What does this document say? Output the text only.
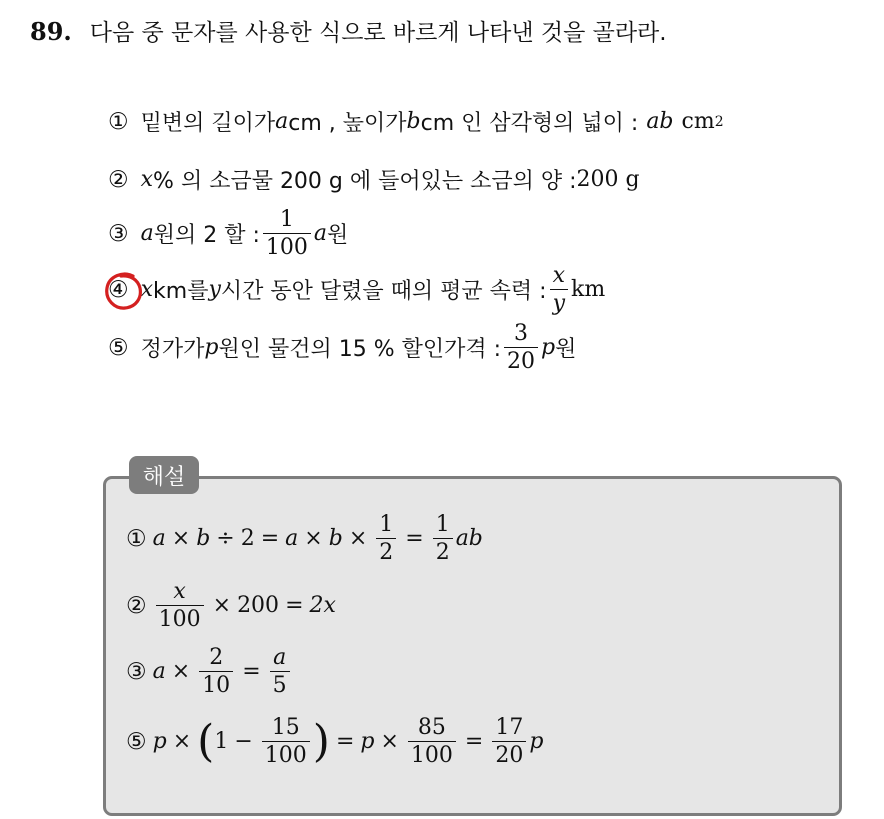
89. 다음 중 문자를 사용한 식으로 바르게 나타낸 것을 골라라.
① 밑변의 길이가 a cm , 높이가 b cm 인 삼각형의 넓이 : ab cm 2
② x % 의 소금물 200 g 에 들어있는 소금의 양 : 200 g
③ a 원의 2 할 : $\frac{1}{100}$ a 원
④ x km를 y 시간 동안 달렸을 때의 평균 속력 : $\frac{x}{y}$ km
⑤ 정가가 p 원인 물건의 15 % 할인가격 : $\frac{3}{20}$ p 원
해설
① $a \times b \div 2 = a \times b \times \frac{1}{2} = \frac{1}{2}$ ab
② $\frac{x}{100} \times 200 = 2x$
③ $a \times \frac{2}{10} = \frac{a}{5}$
⑤ p × ( $1 - \frac{15}{100}$ ) = $p \times \frac{85}{100} = \frac{17}{20}$ p
